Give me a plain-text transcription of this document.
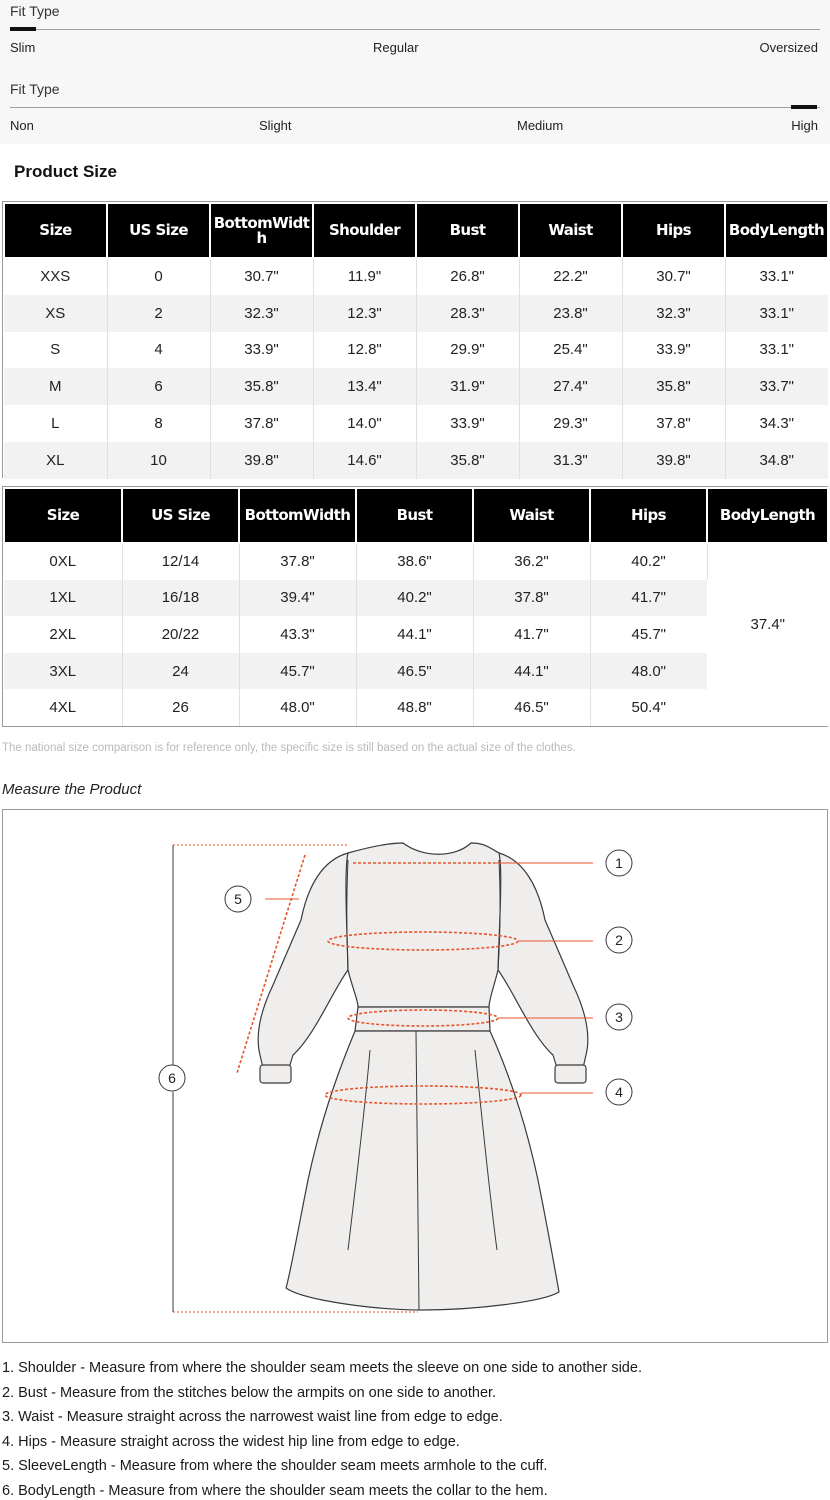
Fit Type
Slim	Regular	Oversized
Fit Type
Non	Slight	Medium	High
Product Size
Size	US Size	BottomWidth	Shoulder	Bust	Waist	Hips	BodyLength
XXS	0	30.7"	11.9"	26.8"	22.2"	30.7"	33.1"
XS	2	32.3"	12.3"	28.3"	23.8"	32.3"	33.1"
S	4	33.9"	12.8"	29.9"	25.4"	33.9"	33.1"
M	6	35.8"	13.4"	31.9"	27.4"	35.8"	33.7"
L	8	37.8"	14.0"	33.9"	29.3"	37.8"	34.3"
XL	10	39.8"	14.6"	35.8"	31.3"	39.8"	34.8"
Size	US Size	BottomWidth	Bust	Waist	Hips	BodyLength
0XL	12/14	37.8"	38.6"	36.2"	40.2"	37.4"
1XL	16/18	39.4"	40.2"	37.8"	41.7"	
2XL	20/22	43.3"	44.1"	41.7"	45.7"	
3XL	24	45.7"	46.5"	44.1"	48.0"	
4XL	26	48.0"	48.8"	46.5"	50.4"	
The national size comparison is for reference only, the specific size is still based on the actual size of the clothes.
Measure the Product
1
2
3
4
5
6
1. Shoulder - Measure from where the shoulder seam meets the sleeve on one side to another side.
2. Bust - Measure from the stitches below the armpits on one side to another.
3. Waist - Measure straight across the narrowest waist line from edge to edge.
4. Hips - Measure straight across the widest hip line from edge to edge.
5. SleeveLength - Measure from where the shoulder seam meets armhole to the cuff.
6. BodyLength - Measure from where the shoulder seam meets the collar to the hem.
